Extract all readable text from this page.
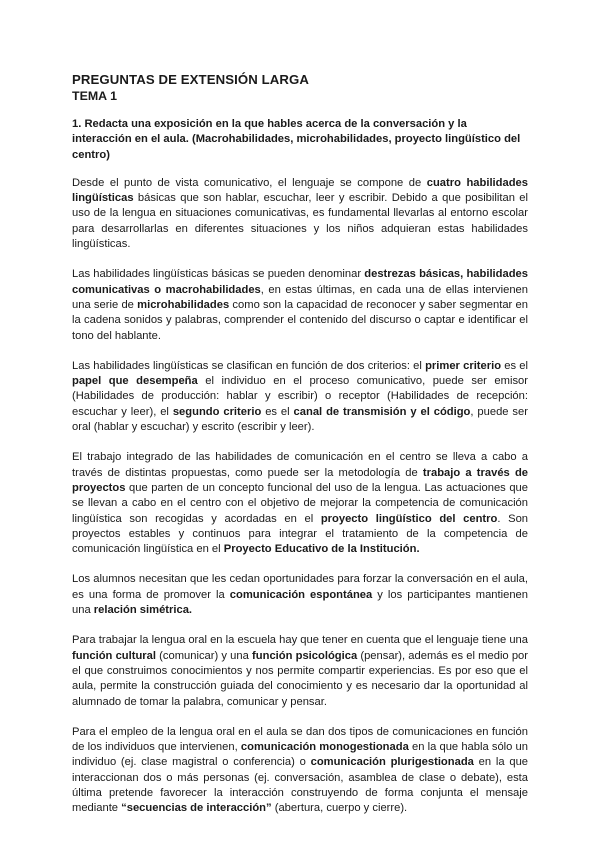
PREGUNTAS DE EXTENSIÓN LARGA
TEMA 1

1. Redacta una exposición en la que hables acerca de la conversación y la interacción en el aula. (Macrohabilidades, microhabilidades, proyecto lingüístico del centro)

Desde el punto de vista comunicativo, el lenguaje se compone de cuatro habilidades lingüísticas básicas que son hablar, escuchar, leer y escribir. Debido a que posibilitan el uso de la lengua en situaciones comunicativas, es fundamental llevarlas al entorno escolar para desarrollarlas en diferentes situaciones y los niños adquieran estas habilidades lingüísticas.

Las habilidades lingüísticas básicas se pueden denominar destrezas básicas, habilidades comunicativas o macrohabilidades, en estas últimas, en cada una de ellas intervienen una serie de microhabilidades como son la capacidad de reconocer y saber segmentar en la cadena sonidos y palabras, comprender el contenido del discurso o captar e identificar el tono del hablante.

Las habilidades lingüísticas se clasifican en función de dos criterios: el primer criterio es el papel que desempeña el individuo en el proceso comunicativo, puede ser emisor (Habilidades de producción: hablar y escribir) o receptor (Habilidades de recepción: escuchar y leer), el segundo criterio es el canal de transmisión y el código, puede ser oral (hablar y escuchar) y escrito (escribir y leer).

El trabajo integrado de las habilidades de comunicación en el centro se lleva a cabo a través de distintas propuestas, como puede ser la metodología de trabajo a través de proyectos que parten de un concepto funcional del uso de la lengua. Las actuaciones que se llevan a cabo en el centro con el objetivo de mejorar la competencia de comunicación lingüística son recogidas y acordadas en el proyecto lingüístico del centro. Son proyectos estables y continuos para integrar el tratamiento de la competencia de comunicación lingüística en el Proyecto Educativo de la Institución.

Los alumnos necesitan que les cedan oportunidades para forzar la conversación en el aula, es una forma de promover la comunicación espontánea y los participantes mantienen una relación simétrica.

Para trabajar la lengua oral en la escuela hay que tener en cuenta que el lenguaje tiene una función cultural (comunicar) y una función psicológica (pensar), además es el medio por el que construimos conocimientos y nos permite compartir experiencias. Es por eso que el aula, permite la construcción guiada del conocimiento y es necesario dar la oportunidad al alumnado de tomar la palabra, comunicar y pensar.

Para el empleo de la lengua oral en el aula se dan dos tipos de comunicaciones en función de los individuos que intervienen, comunicación monogestionada en la que habla sólo un individuo (ej. clase magistral o conferencia) o comunicación plurigestionada en la que interaccionan dos o más personas (ej. conversación, asamblea de clase o debate), esta última pretende favorecer la interacción construyendo de forma conjunta el mensaje mediante “secuencias de interacción” (abertura, cuerpo y cierre).
